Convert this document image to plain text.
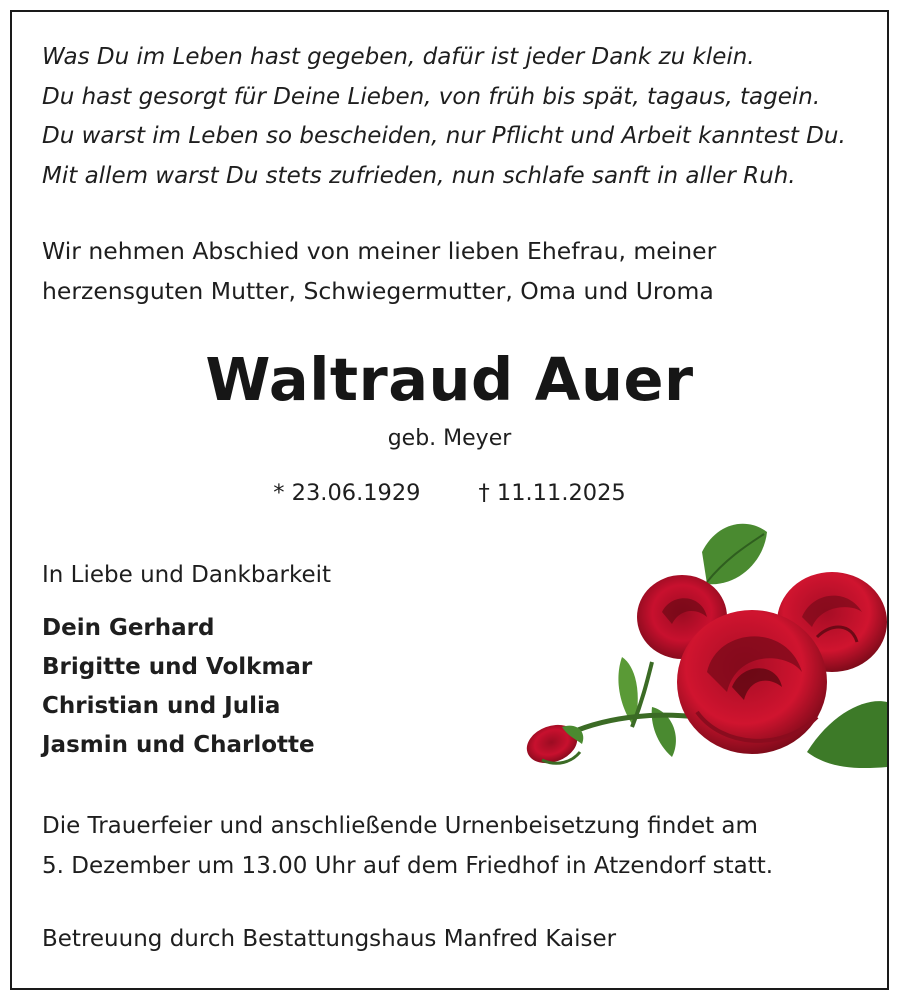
Was Du im Leben hast gegeben, dafür ist jeder Dank zu klein.
Du hast gesorgt für Deine Lieben, von früh bis spät, tagaus, tagein.
Du warst im Leben so bescheiden, nur Pflicht und Arbeit kanntest Du.
Mit allem warst Du stets zufrieden, nun schlafe sanft in aller Ruh.
Wir nehmen Abschied von meiner lieben Ehefrau, meiner
herzensguten Mutter, Schwiegermutter, Oma und Uroma
Waltraud Auer
geb. Meyer
* 23.06.1929	† 11.11.2025
In Liebe und Dankbarkeit
Dein Gerhard
Brigitte und Volkmar
Christian und Julia
Jasmin und Charlotte
Die Trauerfeier und anschließende Urnenbeisetzung findet am
5. Dezember um 13.00 Uhr auf dem Friedhof in Atzendorf statt.
Betreuung durch Bestattungshaus Manfred Kaiser
